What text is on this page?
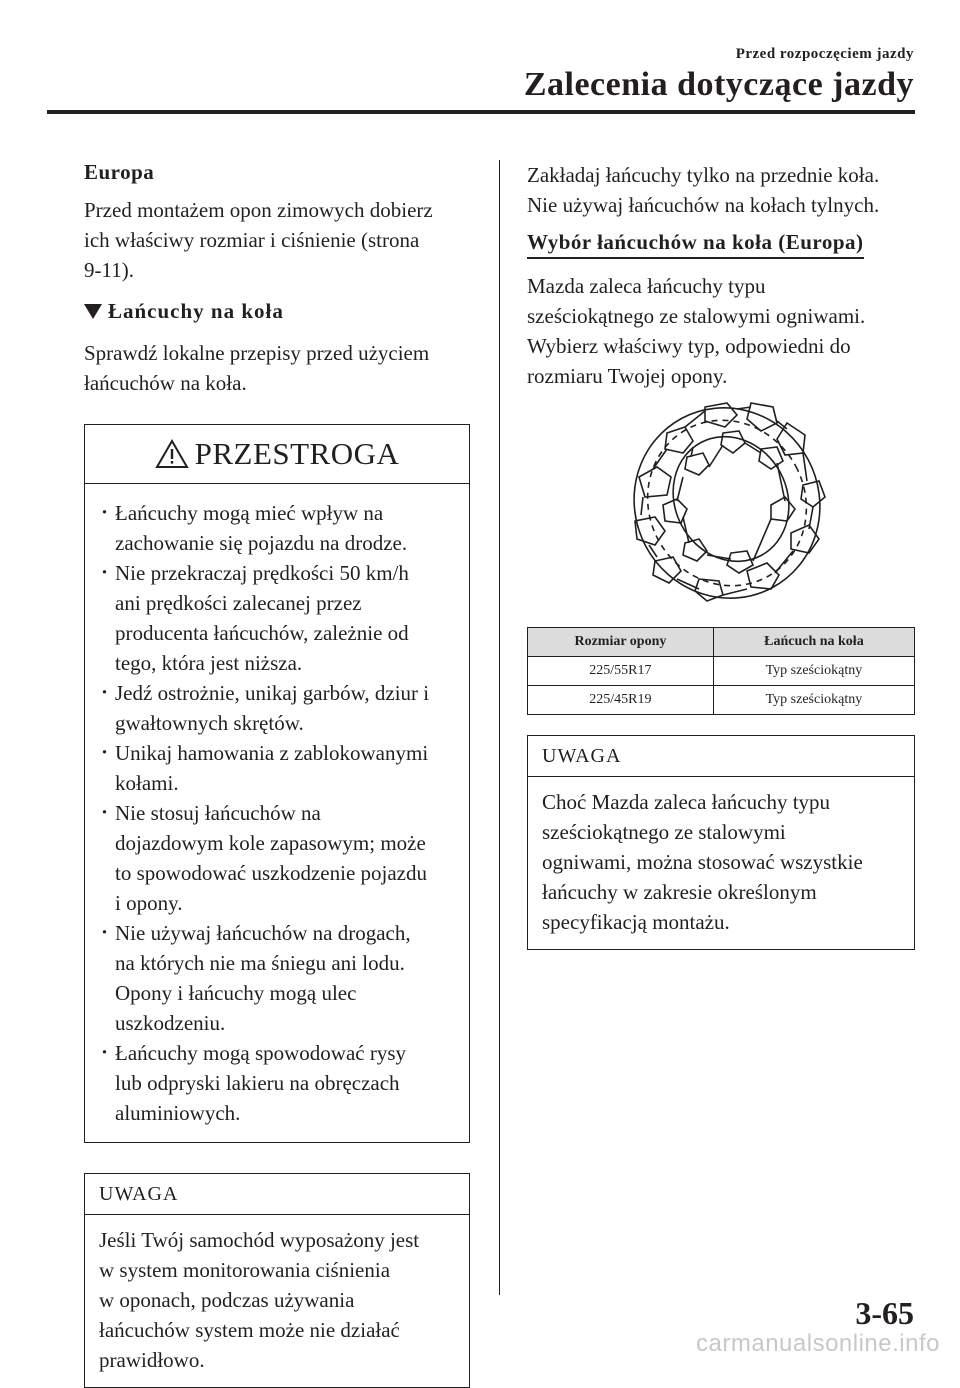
Przed rozpoczęciem jazdy
Zalecenia dotyczące jazdy

Europa

Przed montażem opon zimowych dobierz

ich właściwy rozmiar i ciśnienie (strona

9-11).

Łańcuchy na koła

Sprawdź lokalne przepisy przed użyciem

łańcuchów na koła.

PRZESTROGA
· Łańcuchy mogą mieć wpływ na
zachowanie się pojazdu na drodze.
· Nie przekraczaj prędkości 50 km/h
ani prędkości zalecanej przez
producenta łańcuchów, zależnie od
tego, która jest niższa.
· Jedź ostrożnie, unikaj garbów, dziur i
gwałtownych skrętów.
· Unikaj hamowania z zablokowanymi
kołami.
· Nie stosuj łańcuchów na
dojazdowym kole zapasowym; może
to spowodować uszkodzenie pojazdu
i opony.
· Nie używaj łańcuchów na drogach,
na których nie ma śniegu ani lodu.
Opony i łańcuchy mogą ulec
uszkodzeniu.
· Łańcuchy mogą spowodować rysy
lub odpryski lakieru na obręczach
aluminiowych.
UWAGA
Jeśli Twój samochód wyposażony jest
w system monitorowania ciśnienia
w oponach, podczas używania
łańcuchów system może nie działać
prawidłowo.

Zakładaj łańcuchy tylko na przednie koła.

Nie używaj łańcuchów na kołach tylnych.

Wybór łańcuchów na koła (Europa)

Mazda zaleca łańcuchy typu

sześciokątnego ze stalowymi ogniwami.

Wybierz właściwy typ, odpowiedni do

rozmiaru Twojej opony.

Rozmiar opony	Łańcuch na koła
225/55R17	Typ sześciokątny
225/45R19	Typ sześciokątny
UWAGA
Choć Mazda zaleca łańcuchy typu
sześciokątnego ze stalowymi
ogniwami, można stosować wszystkie
łańcuchy w zakresie określonym
specyfikacją montażu.
3-65
carmanualsonline.info
